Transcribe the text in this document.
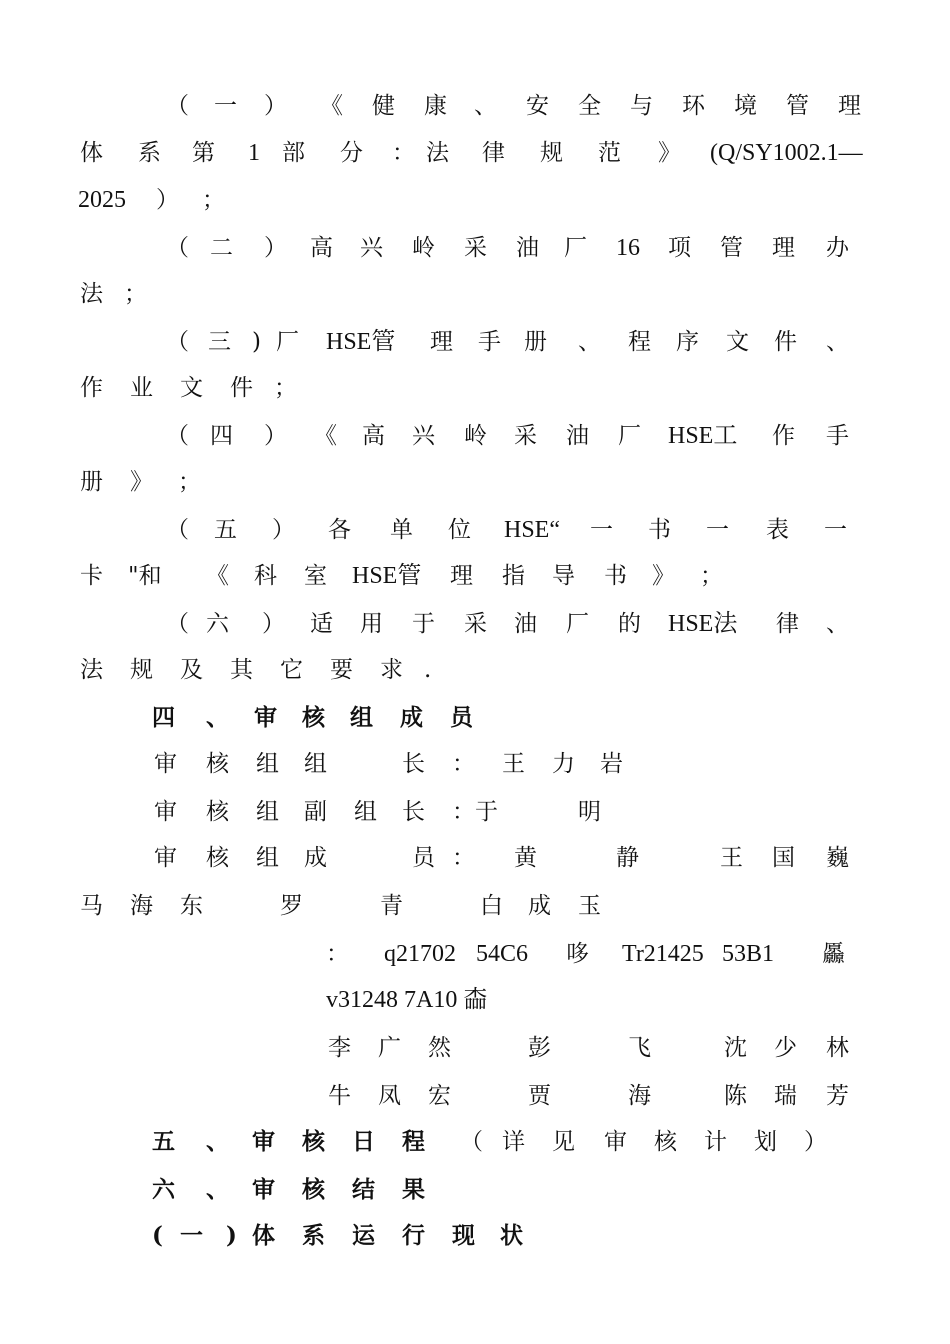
（ 一 ） 《 健 康 、 安 全 与 环 境 管 理
体 系 第 1 部 分 ： 法 律 规 范 》 (Q/SY1002.1—
2025 ） ；
（ 二 ） 高 兴 岭 采 油 厂 16 项 管 理 办
法 ；
（ 三 ) 厂 HSE管 理 手 册 、 程 序 文 件 、
作 业 文 件 ；
（ 四 ） 《 高 兴 岭 采 油 厂 HSE工 作 手
册 》 ；
（ 五 ） 各 单 位 HSE“ 一 书 一 表 一
卡 "和 《 科 室 HSE管 理 指 导 书 》 ；
（ 六 ） 适 用 于 采 油 厂 的 HSE法 律 、
法 规 及 其 它 要 求 .
四 、 审 核 组 成 员
审 核 组 组	长 ： 王 力 岩
审 核 组 副 组 长 ：于	明
审 核 组 成	员 ： 黄	静	王 国 巍
马 海 东	罗	青	白 成 玉
： q21702 54C6 哆 Tr21425 53B1 厵
v31248 7A10 楍
李 广 然	彭	飞	沈 少 林
牛 凤 宏	贾	海	陈 瑞 芳
五 、 审 核 日 程 （ 详 见 审 核 计 划 ）
六 、 审 核 结 果
( 一 ) 体 系 运 行 现 状
